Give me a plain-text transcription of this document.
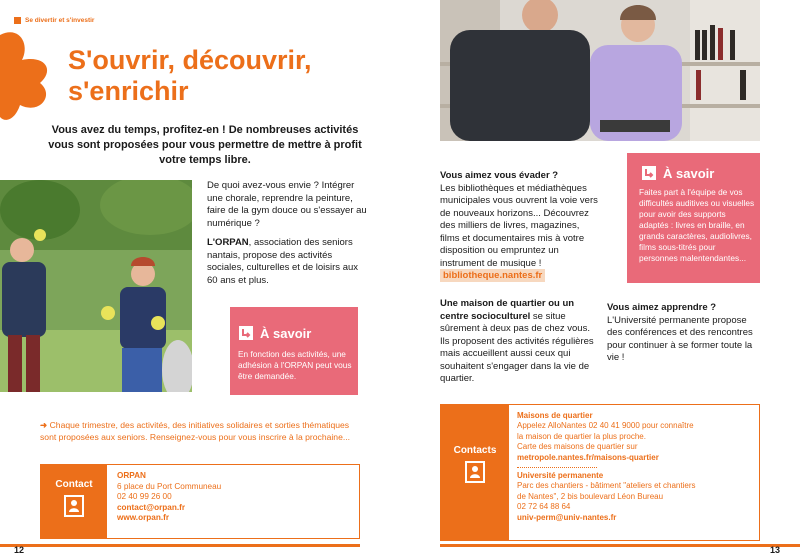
Se divertir et s'investir
S'ouvrir, découvrir,
s'enrichir
Vous avez du temps, profitez-en ! De nombreuses activités vous sont proposées pour vous permettre de mettre à profit votre temps libre.
De quoi avez-vous envie ? Intégrer une chorale, reprendre la peinture, faire de la gym douce ou s'essayer au numérique ?
L'ORPAN, association des seniors nantais, propose des activités sociales, culturelles et de loisirs aux 60 ans et plus.
À savoir
En fonction des activités, une adhésion à l'ORPAN peut vous être demandée.
➜ Chaque trimestre, des activités, des initiatives solidaires et sorties thématiques sont proposées aux seniors. Renseignez-vous pour vous inscrire à la prochaine...
Contact
ORPAN
6 place du Port Communeau
02 40 99 26 00
contact@orpan.fr
www.orpan.fr
12
Vous aimez vous évader ?
Les bibliothèques et médiathèques municipales vous ouvrent la voie vers de nouveaux horizons... Découvrez des milliers de livres, magazines, films et documentaires mis à votre disposition ou empruntez un instrument de musique !
bibliotheque.nantes.fr
À savoir
Faites part à l'équipe de vos difficultés auditives ou visuelles pour avoir des supports adaptés : livres en braille, en grands caractères, audiolivres, films sous-titrés pour personnes malentendantes...
Une maison de quartier ou un centre socioculturel se situe sûrement à deux pas de chez vous. Ils proposent des activités régulières mais accueillent aussi ceux qui souhaitent s'engager dans la vie de quartier.
Vous aimez apprendre ?
L'Université permanente propose des conférences et des rencontres pour continuer à se former toute la vie !
Contacts
Maisons de quartier
Appelez AlloNantes 02 40 41 9000 pour connaître
la maison de quartier la plus proche.
Carte des maisons de quartier sur
metropole.nantes.fr/maisons-quartier
Université permanente
Parc des chantiers - bâtiment "ateliers et chantiers
de Nantes", 2 bis boulevard Léon Bureau
02 72 64 88 64
univ-perm@univ-nantes.fr
13
